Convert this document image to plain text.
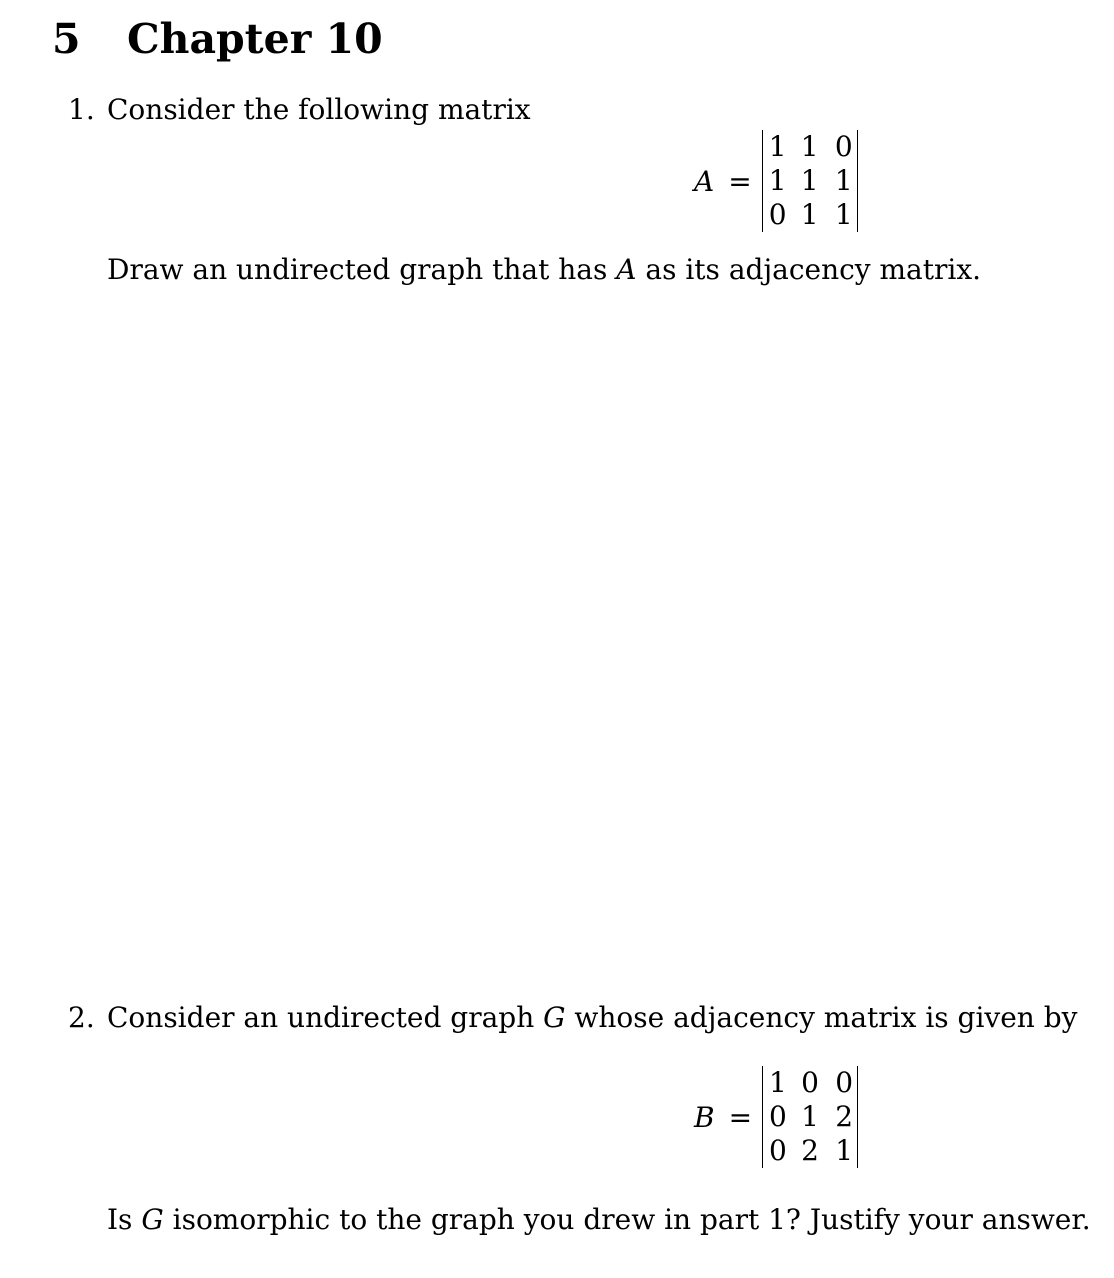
5 Chapter 10
1. Consider the following matrix
A =
1 1 0
1 1 1
0 1 1
Draw an undirected graph that has A as its adjacency matrix.
2. Consider an undirected graph G whose adjacency matrix is given by
B =
1 0 0
0 1 2
0 2 1
Is G isomorphic to the graph you drew in part 1? Justify your answer.
